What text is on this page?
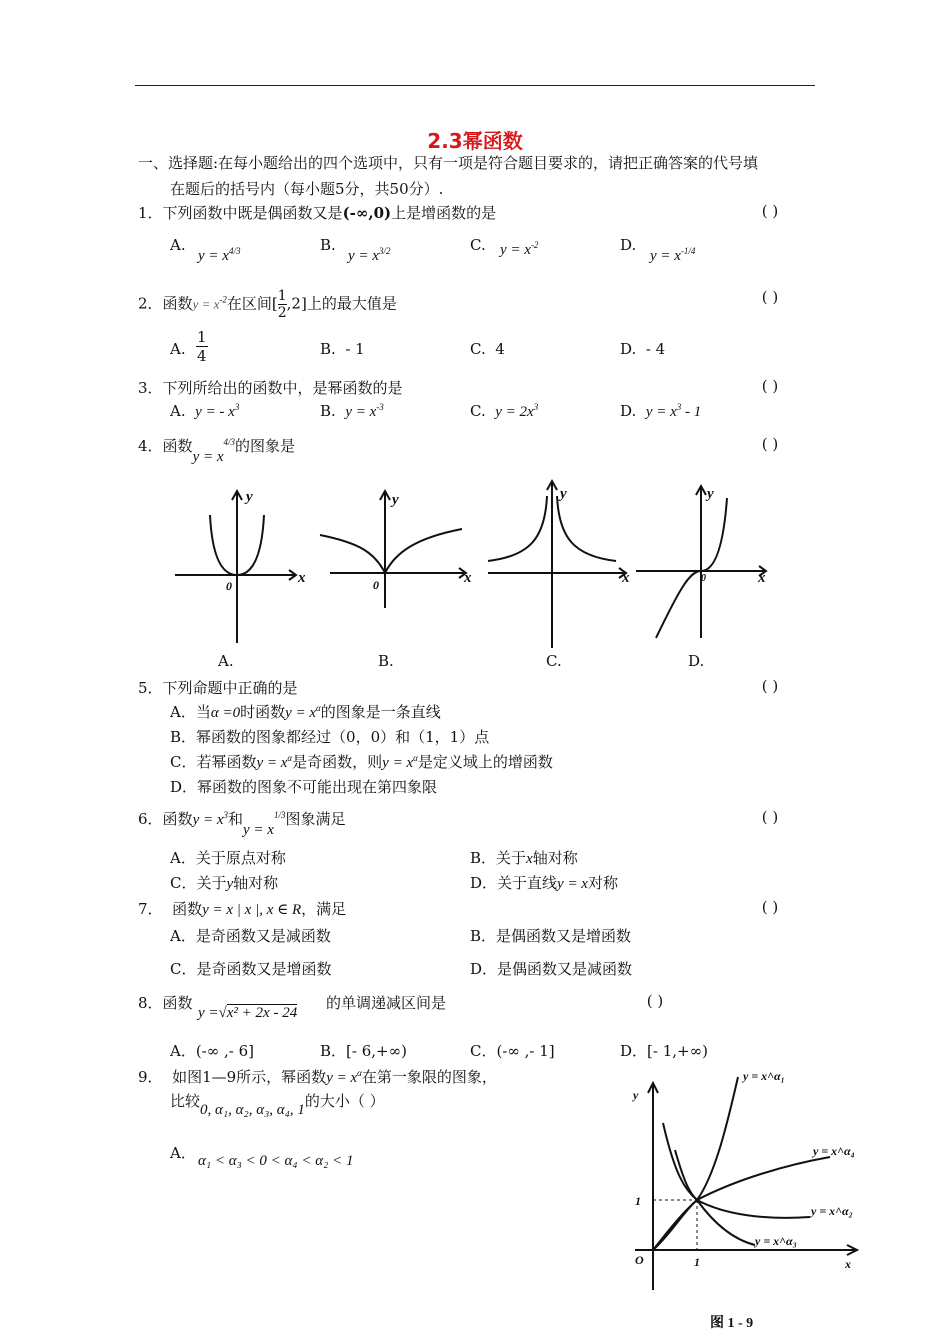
2.3幂函数
一、选择题:在每小题给出的四个选项中，只有一项是符合题目要求的，请把正确答案的代号填
在题后的括号内（每小题5分，共50分）.
1．下列函数中既是偶函数又是(-∞,0)上是增函数的是	( )
A.
$y = x^{4/3}$	B.
$y = x^{3/2}$	C. $y = x^{-2}$	D.
$y = x^{-1/4}$
2．函数$y = x^{-2}$在区间[ $\frac{1}{2} ,2$]上的最大值是	( )
A.
1
4	B. - 1	C. 4	D. - 4
3．下列所给出的函数中，是幂函数的是	( )
A. y = - $x^3$	B. $y = x^{-3}$	C. $y = 2x^3$	D. $y = x^3 - 1$
4．函数$y = x^{4/3}$的图象是	( )
y
x
0
y
x
0
y
x
y
x
0
A.	B.	C.	D.
5．下列命题中正确的是	( )
A．当α =0时函数$y = x^\alpha$的图象是一条直线
B．幂函数的图象都经过（0，0）和（1，1）点
C．若幂函数$y = x^\alpha$是奇函数，则$y = x^\alpha$是定义域上的增函数
D．幂函数的图象不可能出现在第四象限
6．函数$y = x^3$和$y = x^{1/3}$图象满足	( )
A．关于原点对称	B．关于x轴对称
C．关于y轴对称	D．关于直线y = x对称
7． 函数y = x | x |, x ∈ R，满足	( )
A．是奇函数又是减函数	B．是偶函数又是增函数
C．是奇函数又是增函数	D．是偶函数又是减函数
8．函数
y =√x² + 2x - 24
的单调递减区间是	( )
A．(-∞ ,- 6]	B．[- 6,+∞)	C．(-∞ ,- 1]	D．[- 1,+∞)
9． 如图1—9所示，幂函数$y = x^\alpha$在第一象限的图象，
比较0, α₁, α₂, α₃, α₄, 1的大小（ ）
A． α₁ < α₃ < 0 < α₄ < α₂ < 1
y = x^α₁
y = x^α₄
y = x^α₂
y = x^α₃
y
x
O
1
1
图 1 - 9
